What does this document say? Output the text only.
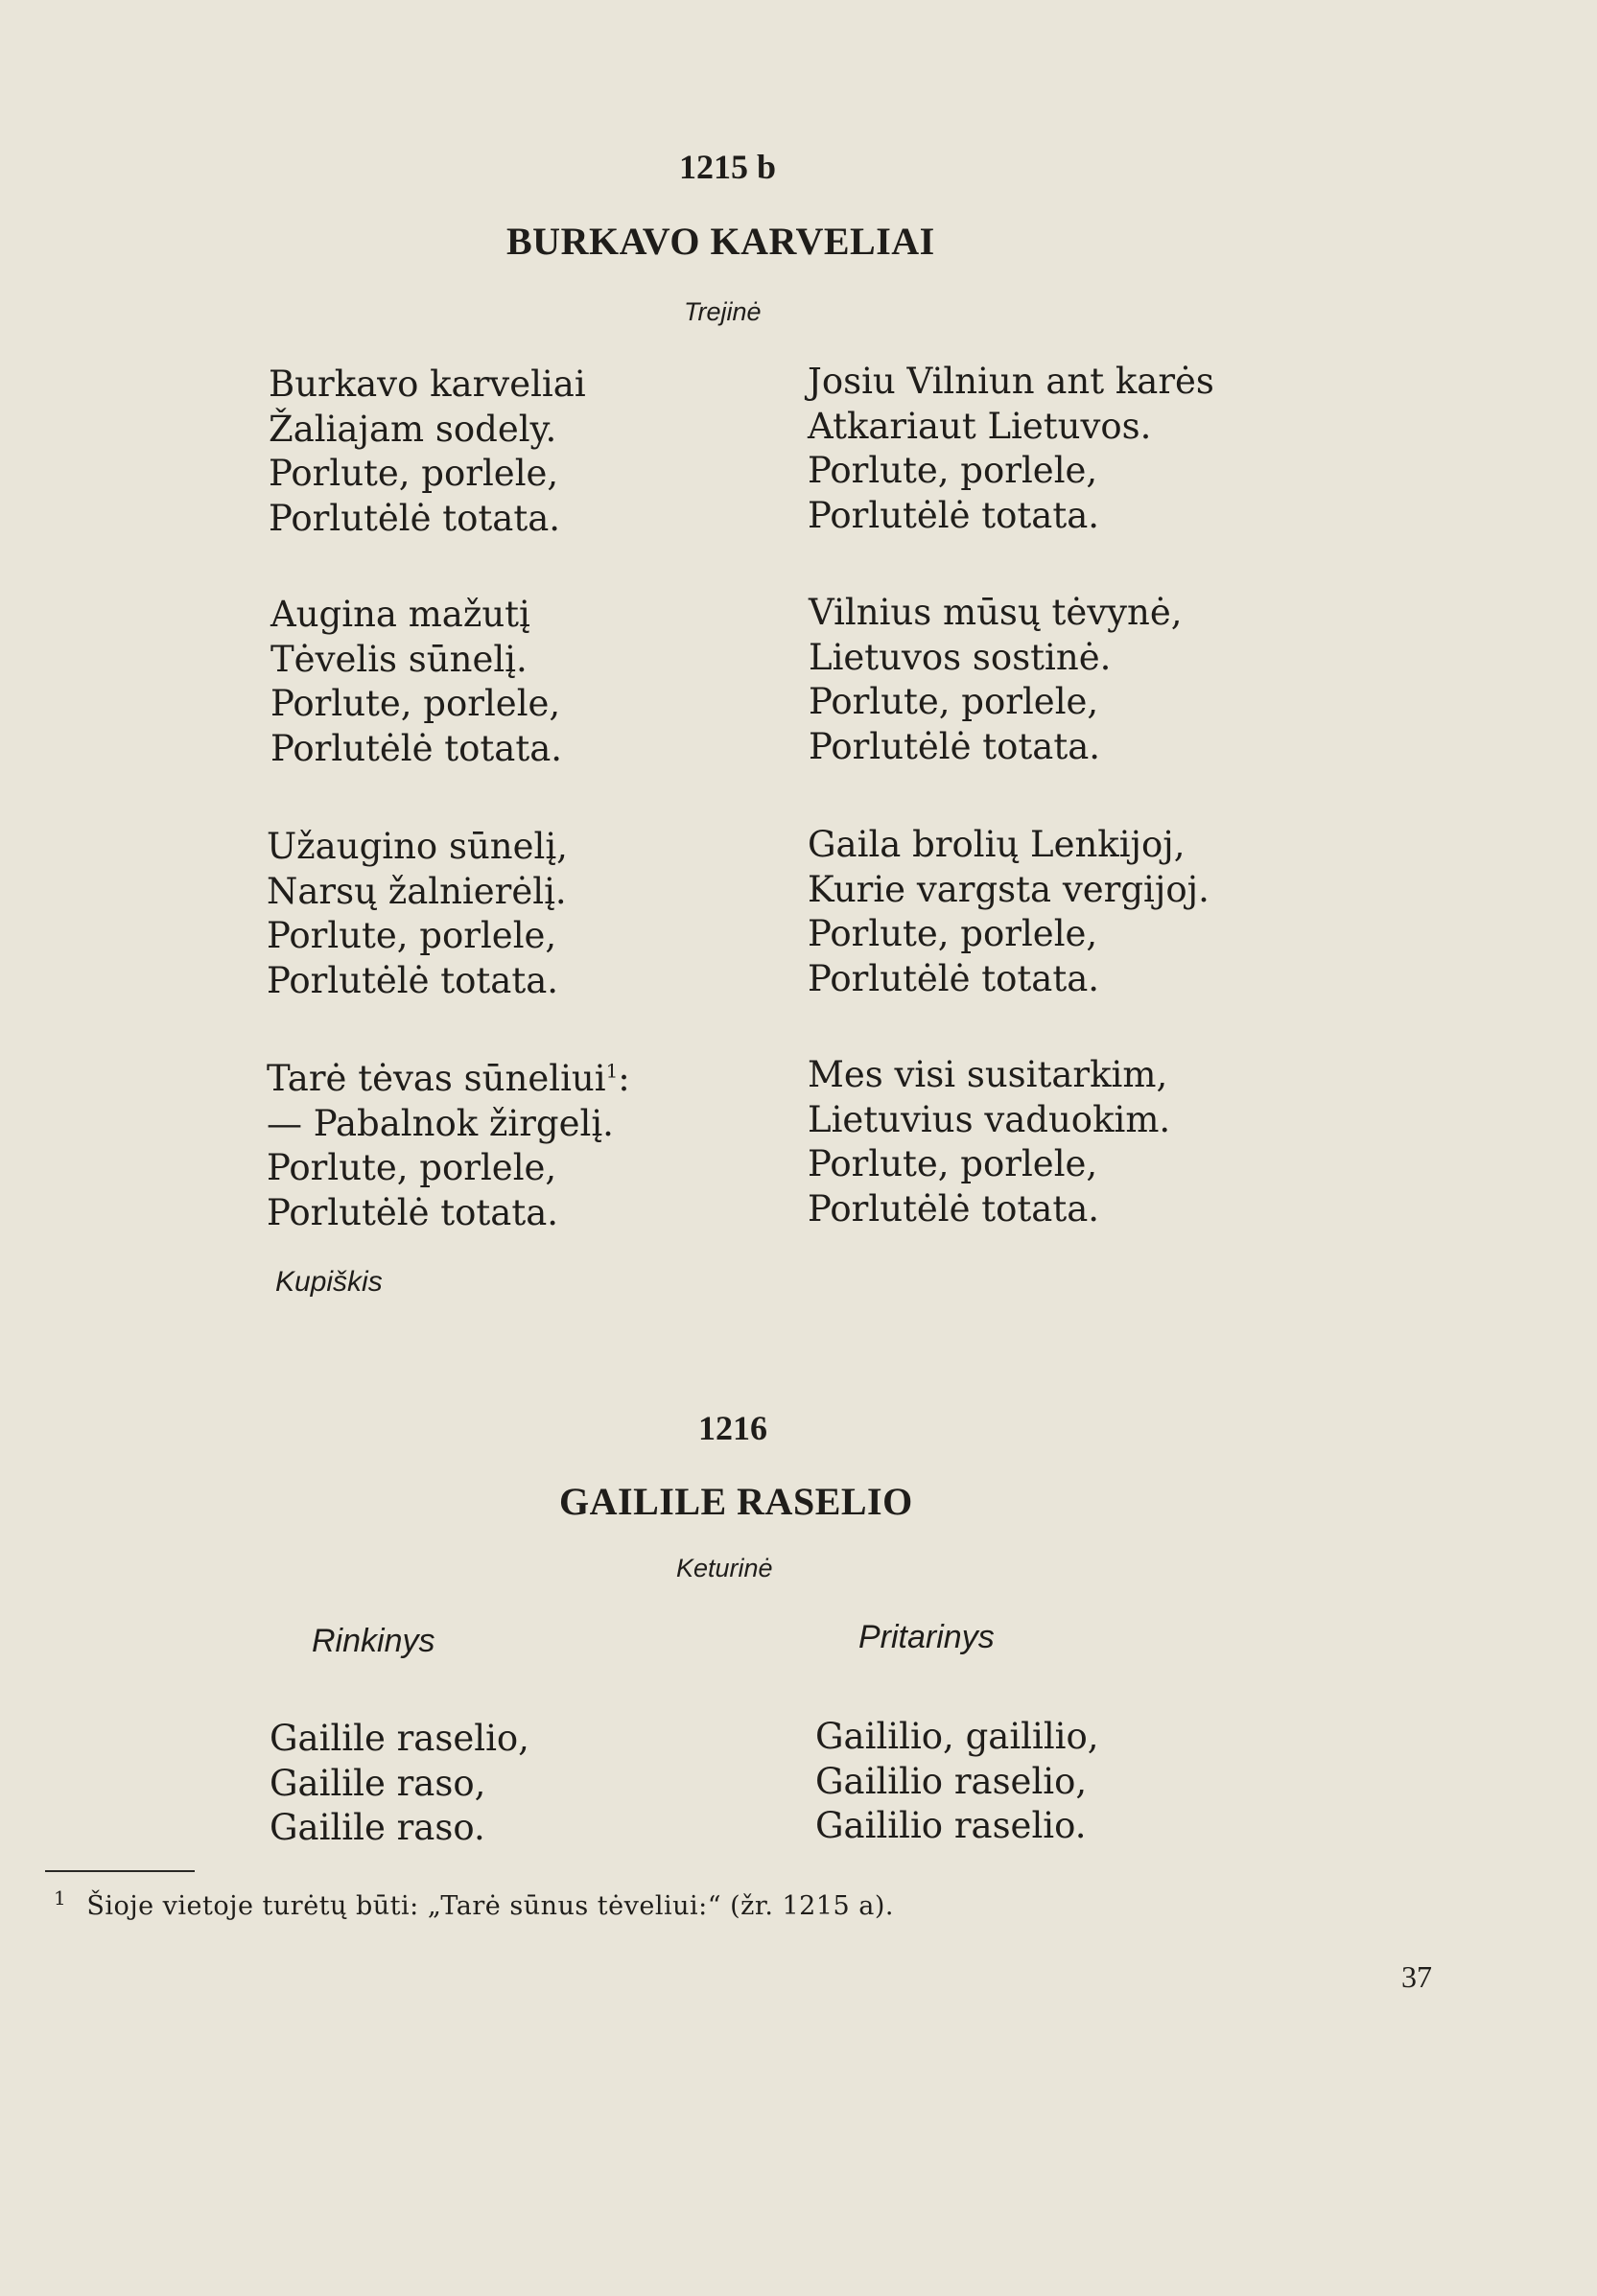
1215 b
BURKAVO KARVELIAI
Trejinė
Burkavo karveliai
Žaliajam sodely.
Porlute, porlele,
Porlutėlė totata.
Augina mažutį
Tėvelis sūnelį.
Porlute, porlele,
Porlutėlė totata.
Užaugino sūnelį,
Narsų žalnierėlį.
Porlute, porlele,
Porlutėlė totata.
Tarė tėvas sūneliui$^1$:
— Pabalnok žirgelį.
Porlute, porlele,
Porlutėlė totata.
Josiu Vilniun ant karės
Atkariaut Lietuvos.
Porlute, porlele,
Porlutėlė totata.
Vilnius mūsų tėvynė,
Lietuvos sostinė.
Porlute, porlele,
Porlutėlė totata.
Gaila brolių Lenkijoj,
Kurie vargsta vergijoj.
Porlute, porlele,
Porlutėlė totata.
Mes visi susitarkim,
Lietuvius vaduokim.
Porlute, porlele,
Porlutėlė totata.
Kupiškis
1216
GAILILE RASELIO
Keturinė
Rinkinys	Pritarinys
Gailile raselio,
Gailile raso,
Gailile raso.
Gaililio, gaililio,
Gaililio raselio,
Gaililio raselio.
$^1$ Šioje vietoje turėtų būti: „Tarė sūnus tėveliui:“ (žr. 1215 a).
37
